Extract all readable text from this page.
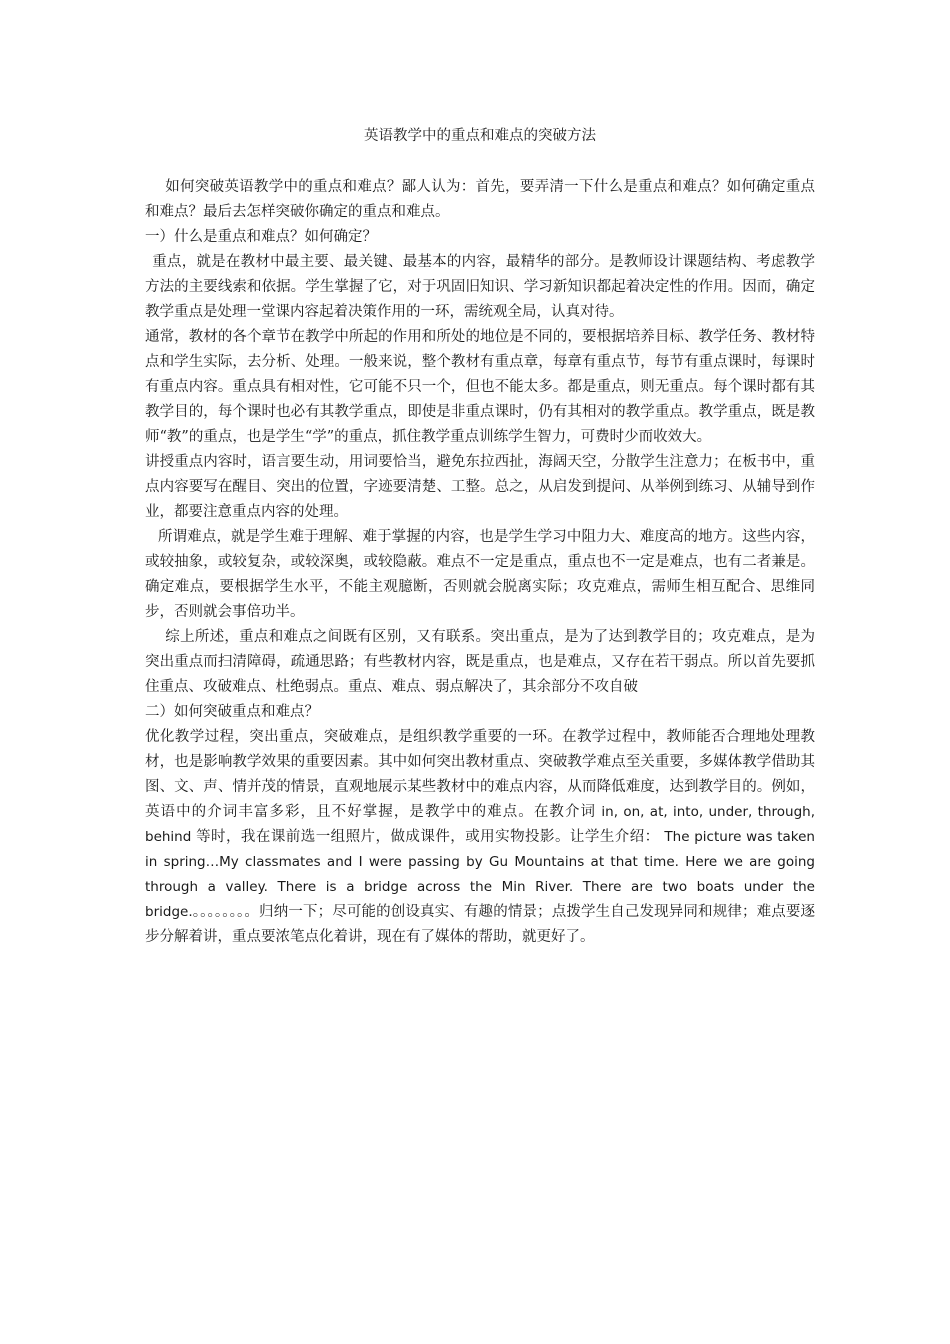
英语教学中的重点和难点的突破方法

如何突破英语教学中的重点和难点？鄙人认为：首先，要弄清一下什么是重点和难点？如何确定重点和难点？最后去怎样突破你确定的重点和难点。

一）什么是重点和难点？如何确定？

重点，就是在教材中最主要、最关键、最基本的内容，最精华的部分。是教师设计课题结构、考虑教学方法的主要线索和依据。学生掌握了它，对于巩固旧知识、学习新知识都起着决定性的作用。因而，确定教学重点是处理一堂课内容起着决策作用的一环，需统观全局，认真对待。

通常，教材的各个章节在教学中所起的作用和所处的地位是不同的，要根据培养目标、教学任务、教材特点和学生实际，去分析、处理。一般来说，整个教材有重点章，每章有重点节，每节有重点课时，每课时有重点内容。重点具有相对性，它可能不只一个，但也不能太多。都是重点，则无重点。每个课时都有其教学目的，每个课时也必有其教学重点，即使是非重点课时，仍有其相对的教学重点。教学重点，既是教师“教”的重点，也是学生“学”的重点，抓住教学重点训练学生智力，可费时少而收效大。

讲授重点内容时，语言要生动，用词要恰当，避免东拉西扯，海阔天空，分散学生注意力；在板书中，重点内容要写在醒目、突出的位置，字迹要清楚、工整。总之，从启发到提问、从举例到练习、从辅导到作业，都要注意重点内容的处理。

所谓难点，就是学生难于理解、难于掌握的内容，也是学生学习中阻力大、难度高的地方。这些内容，或较抽象，或较复杂，或较深奥，或较隐蔽。难点不一定是重点，重点也不一定是难点，也有二者兼是。确定难点，要根据学生水平，不能主观臆断，否则就会脱离实际；攻克难点，需师生相互配合、思维同步，否则就会事倍功半。

综上所述，重点和难点之间既有区别，又有联系。突出重点，是为了达到教学目的；攻克难点，是为突出重点而扫清障碍，疏通思路；有些教材内容，既是重点，也是难点，又存在若干弱点。所以首先要抓住重点、攻破难点、杜绝弱点。重点、难点、弱点解决了，其余部分不攻自破

二）如何突破重点和难点？

优化教学过程，突出重点，突破难点，是组织教学重要的一环。在教学过程中，教师能否合理地处理教材，也是影响教学效果的重要因素。其中如何突出教材重点、突破教学难点至关重要，多媒体教学借助其图、文、声、情并茂的情景，直观地展示某些教材中的难点内容，从而降低难度，达到教学目的。例如，英语中的介词丰富多彩，且不好掌握，是教学中的难点。在教介词 in, on, at, into, under, through, behind 等时，我在课前选一组照片，做成课件，或用实物投影。让学生介绍： The picture was taken in spring…My classmates and I were passing by Gu Mountains at that time. Here we are going through a valley. There is a bridge across the Min River. There are two boats under the bridge.。。。。。。。。归纳一下；尽可能的创设真实、有趣的情景；点拨学生自己发现异同和规律；难点要逐步分解着讲，重点要浓笔点化着讲，现在有了媒体的帮助，就更好了。
